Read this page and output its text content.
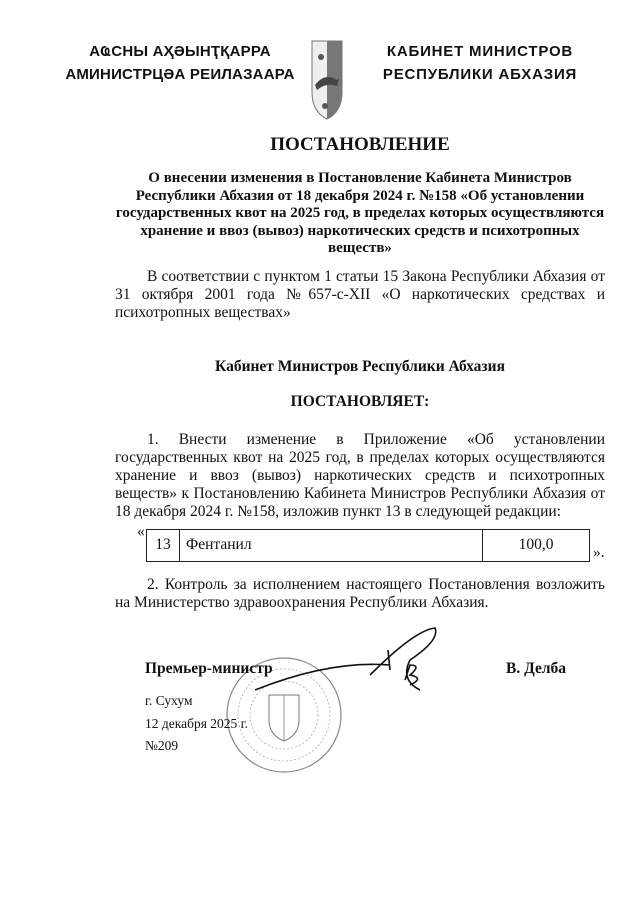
АҨСНЫ АҲӘЫНҬҚАРРА
АМИНИСТРЦӘА РЕИЛАЗААРА
КАБИНЕТ МИНИСТРОВ
РЕСПУБЛИКИ АБХАЗИЯ
ПОСТАНОВЛЕНИЕ
О внесении изменения в Постановление Кабинета Министров Республики Абхазия от 18 декабря 2024 г. №158 «Об установлении государственных квот на 2025 год, в пределах которых осуществляются хранение и ввоз (вывоз) наркотических средств и психотропных веществ»
В соответствии с пунктом 1 статьи 15 Закона Республики Абхазия от 31 октября 2001 года №657-с-XII «О наркотических средствах и психотропных веществах»
Кабинет Министров Республики Абхазия
ПОСТАНОВЛЯЕТ:
1. Внести изменение в Приложение «Об установлении государственных квот на 2025 год, в пределах которых осуществляются хранение и ввоз (вывоз) наркотических средств и психотропных веществ» к Постановлению Кабинета Министров Республики Абхазия от 18 декабря 2024 г. №158, изложив пункт 13 в следующей редакции:
«
13	Фентанил	100,0	».
2. Контроль за исполнением настоящего Постановления возложить на Министерство здравоохранения Республики Абхазия.
Премьер-министр	В. Делба
г. Сухум
12 декабря 2025 г.
№209
